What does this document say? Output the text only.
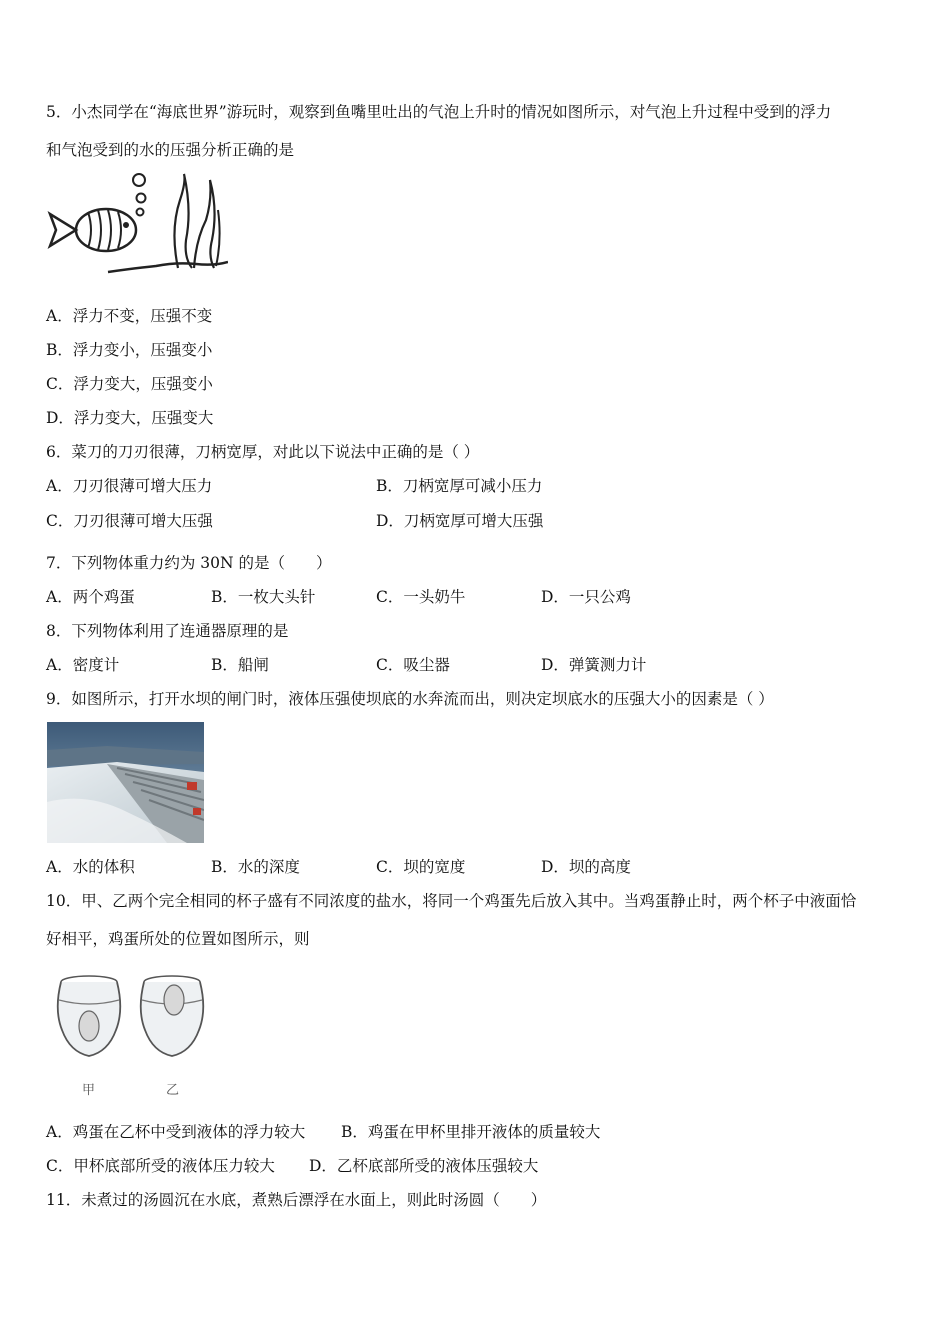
5．小杰同学在“海底世界”游玩时，观察到鱼嘴里吐出的气泡上升时的情况如图所示，对气泡上升过程中受到的浮力
和气泡受到的水的压强分析正确的是
A．浮力不变，压强不变
B．浮力变小，压强变小
C．浮力变大，压强变小
D．浮力变大，压强变大
6．菜刀的刀刃很薄，刀柄宽厚，对此以下说法中正确的是（ ）
A．刀刃很薄可增大压力	B．刀柄宽厚可减小压力
C．刀刃很薄可增大压强	D．刀柄宽厚可增大压强
7．下列物体重力约为 30N 的是（　　）
A．两个鸡蛋	B．一枚大头针	C．一头奶牛	D．一只公鸡
8．下列物体利用了连通器原理的是
A．密度计	B．船闸	C．吸尘器	D．弹簧测力计
9．如图所示，打开水坝的闸门时，液体压强使坝底的水奔流而出，则决定坝底水的压强大小的因素是（ ）
A．水的体积	B．水的深度	C．坝的宽度	D．坝的高度
10．甲、乙两个完全相同的杯子盛有不同浓度的盐水，将同一个鸡蛋先后放入其中。当鸡蛋静止时，两个杯子中液面恰
好相平，鸡蛋所处的位置如图所示，则
甲	乙
A．鸡蛋在乙杯中受到液体的浮力较大 B．鸡蛋在甲杯里排开液体的质量较大
C．甲杯底部所受的液体压力较大 D．乙杯底部所受的液体压强较大
11．未煮过的汤圆沉在水底，煮熟后漂浮在水面上，则此时汤圆（　　）
